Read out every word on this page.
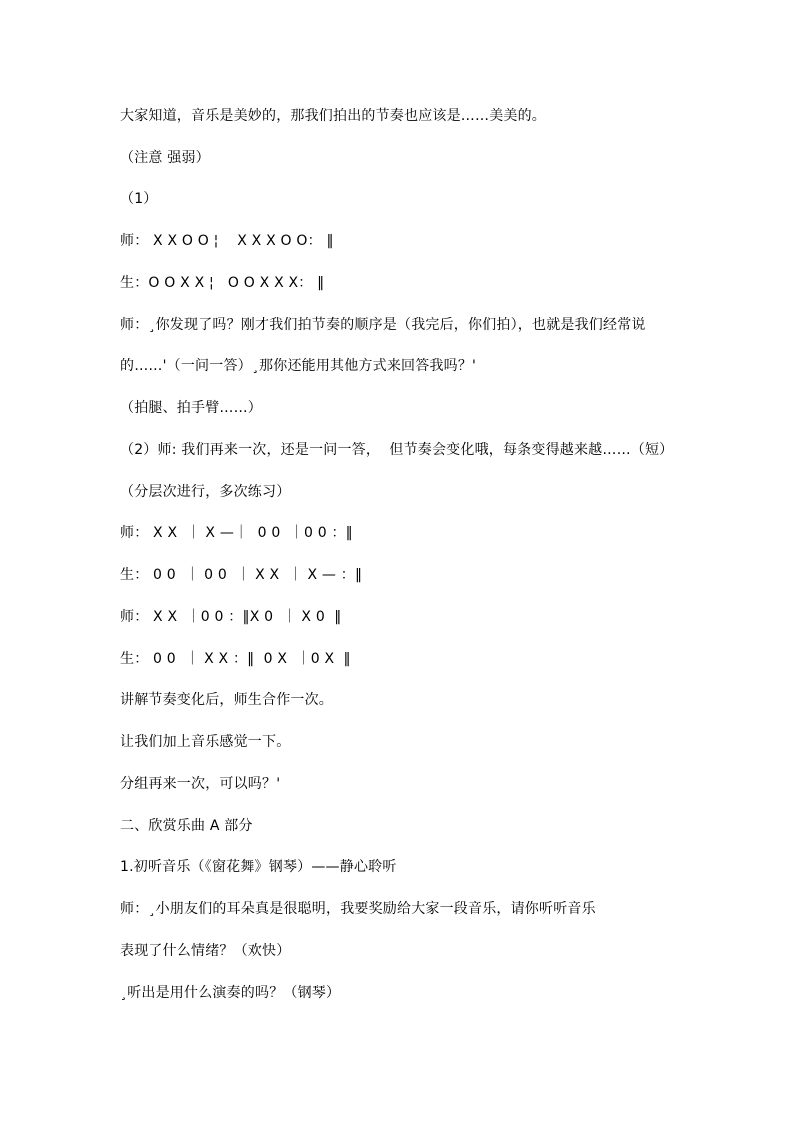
大家知道，音乐是美妙的，那我们拍出的节奏也应该是……美美的。
（注意 强弱）
（1）
师： X X O O ¦    X X X O O： ‖
生：O O X X ¦   O O X X X： ‖
师：¸你发现了吗？刚才我们拍节奏的顺序是（我完后，你们拍），也就是我们经常说
的……'（一问一答）¸那你还能用其他方式来回答我吗？'
（拍腿、拍手臂……）
（2）师: 我们再来一次，还是一问一答，  但节奏会变化哦，每条变得越来越……（短）
（分层次进行，多次练习）
师： X X  ｜ X —｜  0 0  ｜0 0 ：‖
生： 0 0  ｜ 0 0  ｜ X X  ｜ X — ：‖
师： X X  ｜0 0 ：‖X 0  ｜ X 0  ‖
生： 0 0  ｜ X X ：‖  0 X  ｜0 X  ‖
讲解节奏变化后，师生合作一次。
让我们加上音乐感觉一下。
分组再来一次，可以吗？'
二、欣赏乐曲 A 部分
1.初听音乐（《窗花舞》钢琴）——静心聆听
师：¸小朋友们的耳朵真是很聪明，我要奖励给大家一段音乐，请你听听音乐
表现了什么情绪？（欢快）
¸听出是用什么演奏的吗？（钢琴）
